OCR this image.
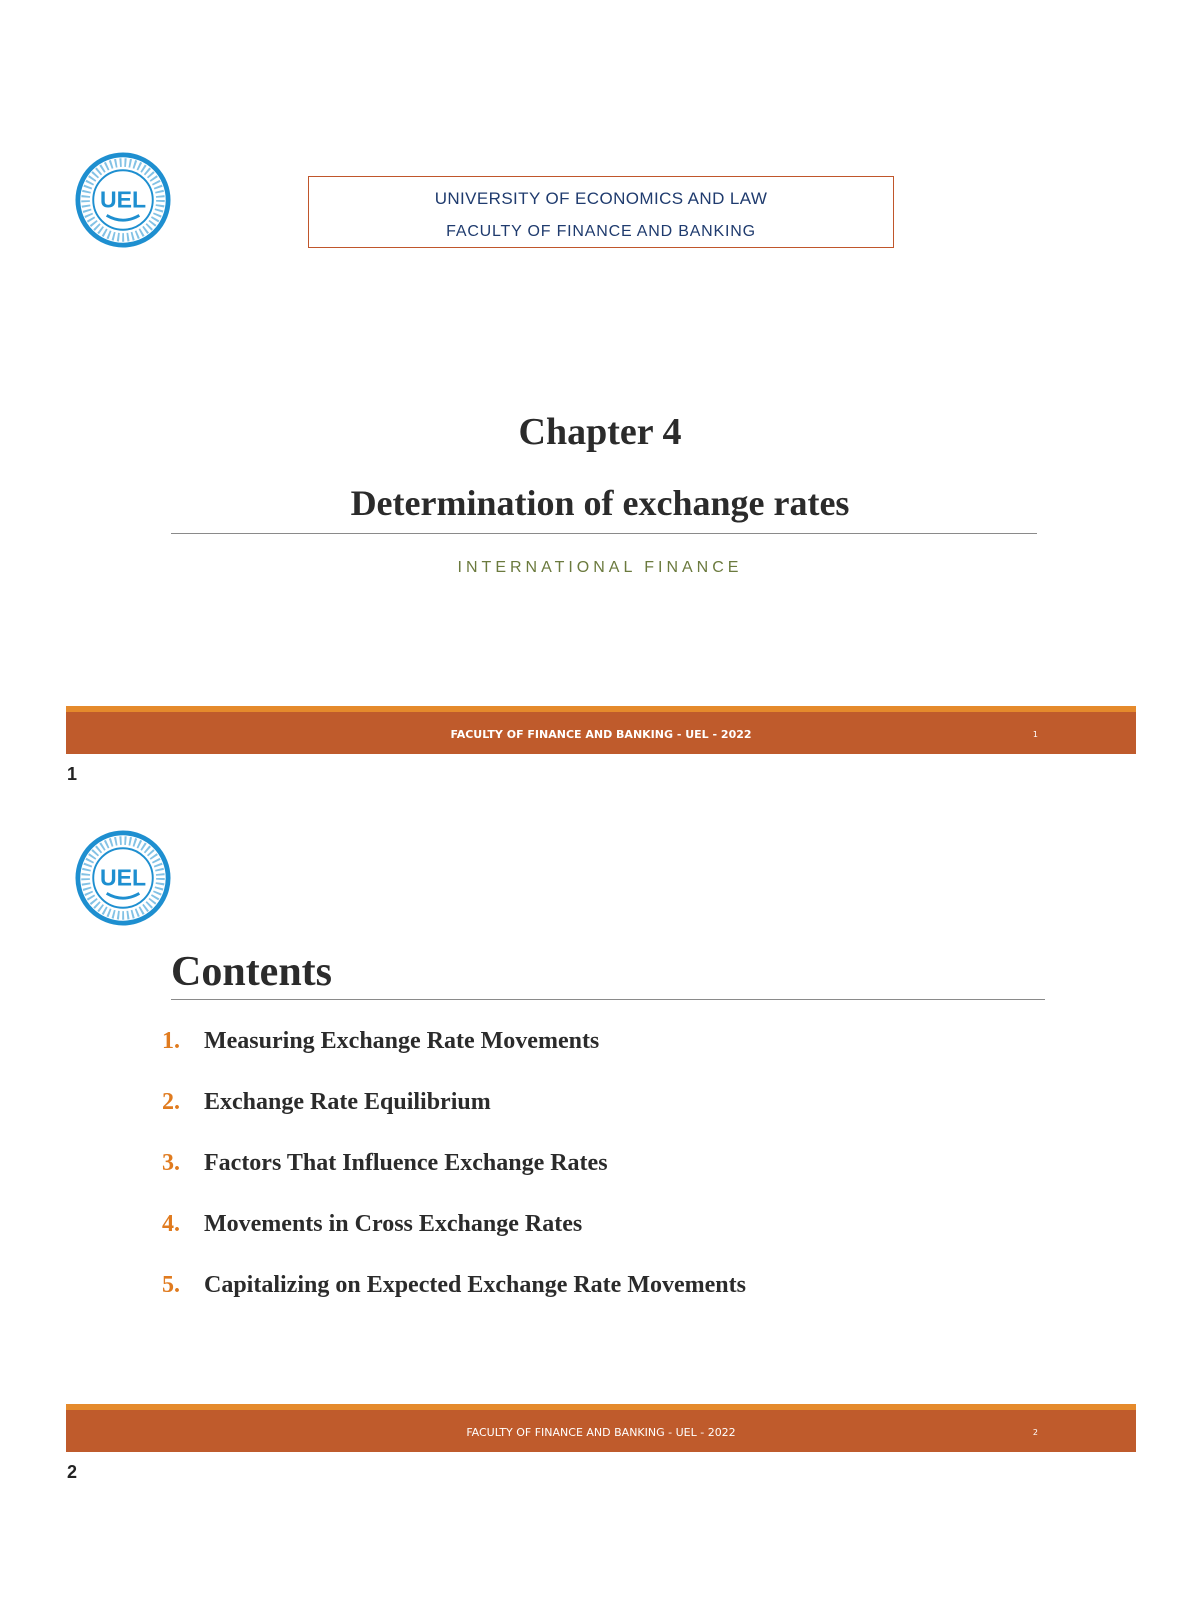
UEL	UNIVERSITY OF ECONOMICS AND LAW
FACULTY OF FINANCE AND BANKING
Chapter 4
Determination of exchange rates
INTERNATIONAL FINANCE
FACULTY OF FINANCE AND BANKING - UEL - 2022	1
1
UEL
Contents
1. Measuring Exchange Rate Movements
2. Exchange Rate Equilibrium
3. Factors That Influence Exchange Rates
4. Movements in Cross Exchange Rates
5. Capitalizing on Expected Exchange Rate Movements
FACULTY OF FINANCE AND BANKING - UEL - 2022	2
2
